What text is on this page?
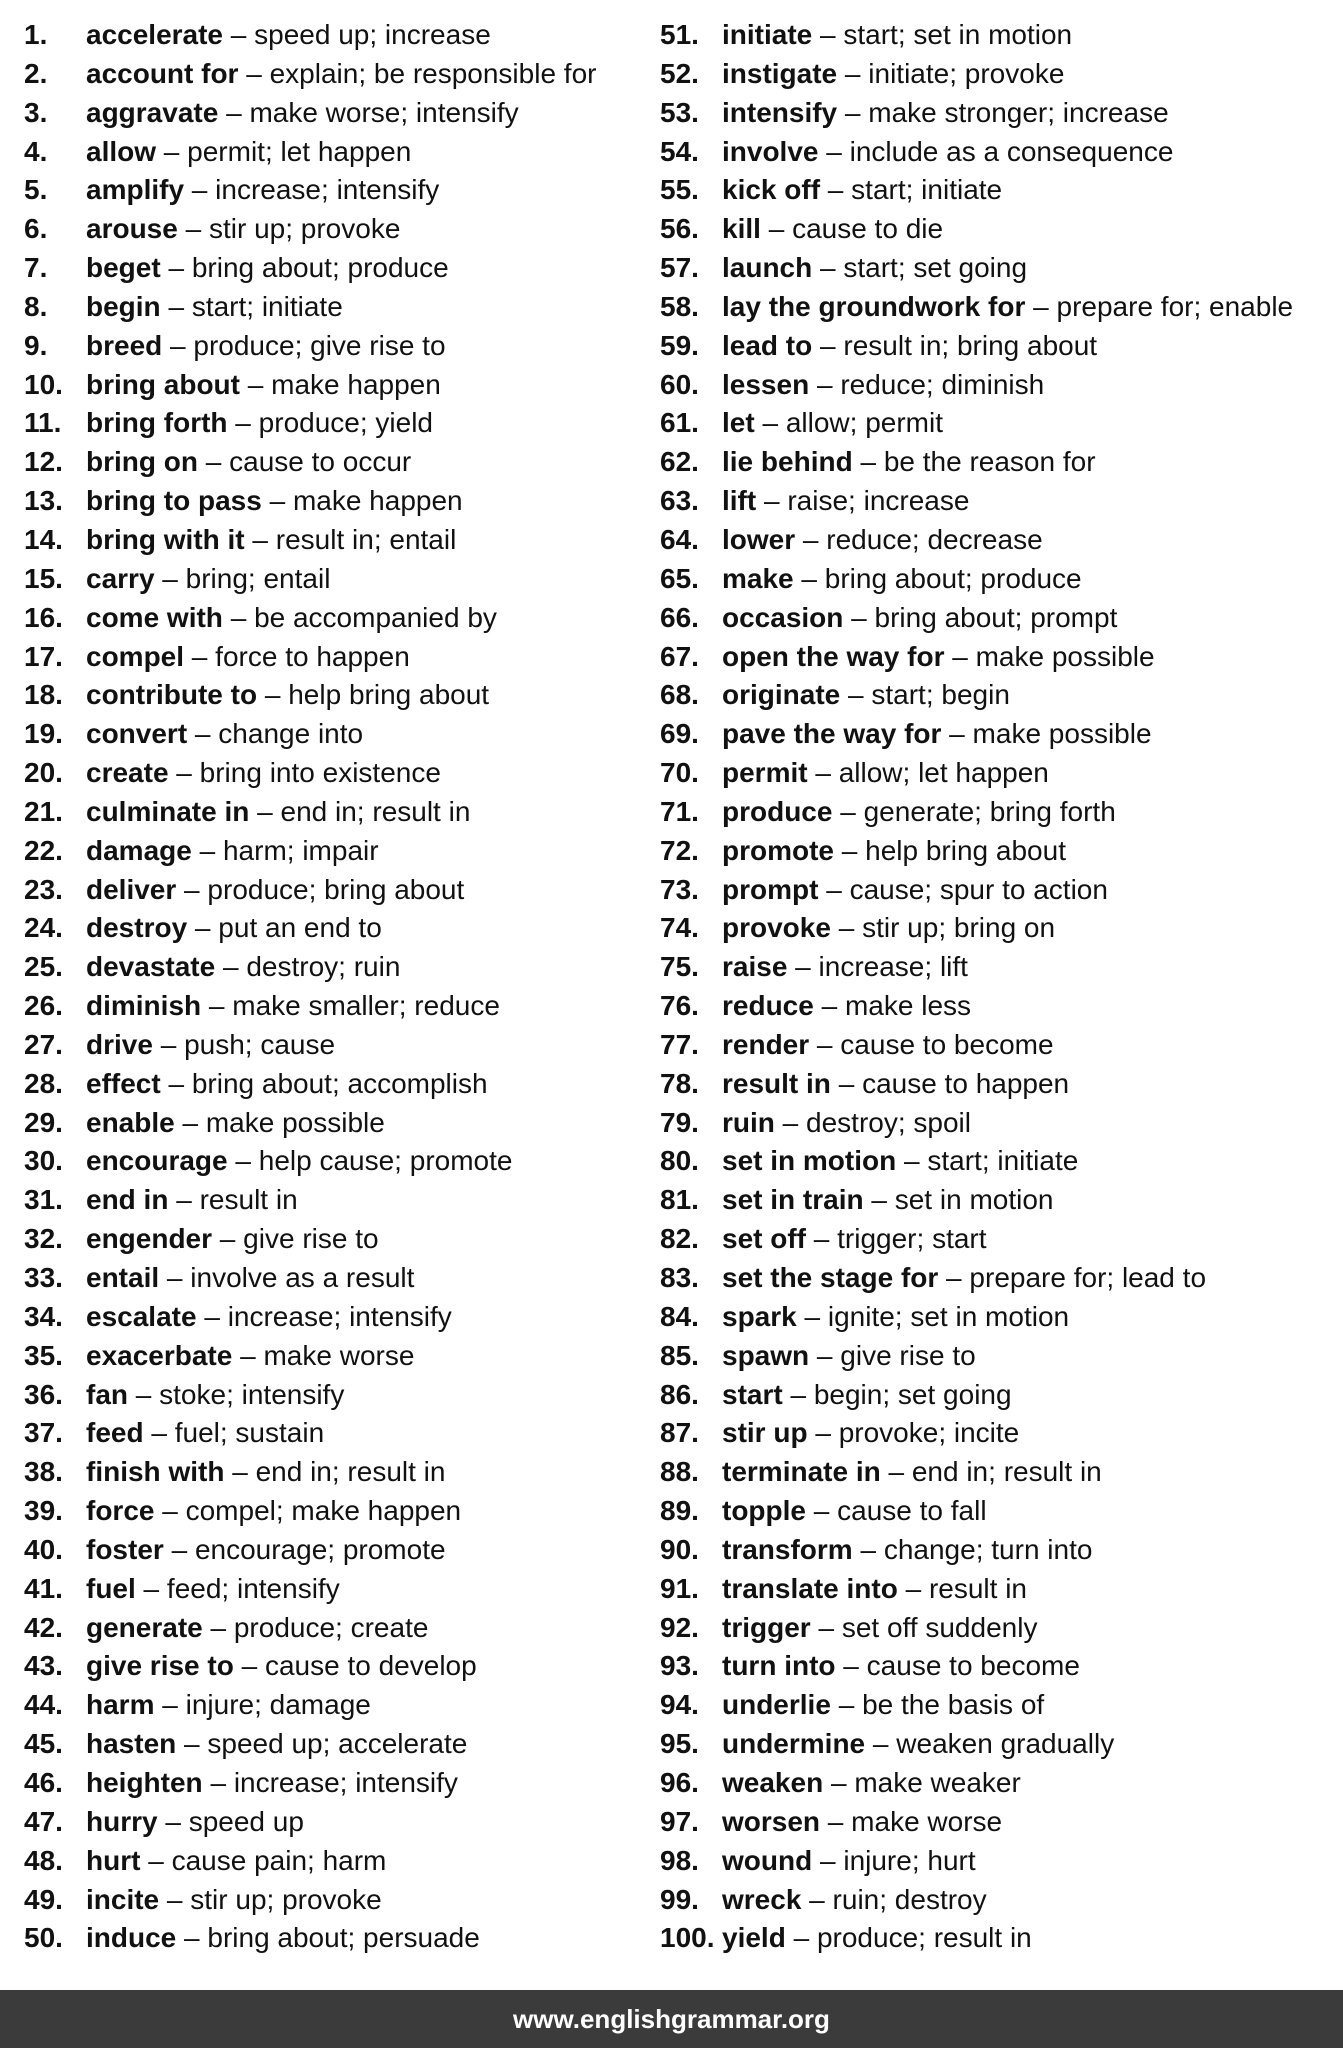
1. accelerate – speed up; increase
2. account for – explain; be responsible for
3. aggravate – make worse; intensify
4. allow – permit; let happen
5. amplify – increase; intensify
6. arouse – stir up; provoke
7. beget – bring about; produce
8. begin – start; initiate
9. breed – produce; give rise to
10. bring about – make happen
11. bring forth – produce; yield
12. bring on – cause to occur
13. bring to pass – make happen
14. bring with it – result in; entail
15. carry – bring; entail
16. come with – be accompanied by
17. compel – force to happen
18. contribute to – help bring about
19. convert – change into
20. create – bring into existence
21. culminate in – end in; result in
22. damage – harm; impair
23. deliver – produce; bring about
24. destroy – put an end to
25. devastate – destroy; ruin
26. diminish – make smaller; reduce
27. drive – push; cause
28. effect – bring about; accomplish
29. enable – make possible
30. encourage – help cause; promote
31. end in – result in
32. engender – give rise to
33. entail – involve as a result
34. escalate – increase; intensify
35. exacerbate – make worse
36. fan – stoke; intensify
37. feed – fuel; sustain
38. finish with – end in; result in
39. force – compel; make happen
40. foster – encourage; promote
41. fuel – feed; intensify
42. generate – produce; create
43. give rise to – cause to develop
44. harm – injure; damage
45. hasten – speed up; accelerate
46. heighten – increase; intensify
47. hurry – speed up
48. hurt – cause pain; harm
49. incite – stir up; provoke
50. induce – bring about; persuade
51. initiate – start; set in motion
52. instigate – initiate; provoke
53. intensify – make stronger; increase
54. involve – include as a consequence
55. kick off – start; initiate
56. kill – cause to die
57. launch – start; set going
58. lay the groundwork for – prepare for; enable
59. lead to – result in; bring about
60. lessen – reduce; diminish
61. let – allow; permit
62. lie behind – be the reason for
63. lift – raise; increase
64. lower – reduce; decrease
65. make – bring about; produce
66. occasion – bring about; prompt
67. open the way for – make possible
68. originate – start; begin
69. pave the way for – make possible
70. permit – allow; let happen
71. produce – generate; bring forth
72. promote – help bring about
73. prompt – cause; spur to action
74. provoke – stir up; bring on
75. raise – increase; lift
76. reduce – make less
77. render – cause to become
78. result in – cause to happen
79. ruin – destroy; spoil
80. set in motion – start; initiate
81. set in train – set in motion
82. set off – trigger; start
83. set the stage for – prepare for; lead to
84. spark – ignite; set in motion
85. spawn – give rise to
86. start – begin; set going
87. stir up – provoke; incite
88. terminate in – end in; result in
89. topple – cause to fall
90. transform – change; turn into
91. translate into – result in
92. trigger – set off suddenly
93. turn into – cause to become
94. underlie – be the basis of
95. undermine – weaken gradually
96. weaken – make weaker
97. worsen – make worse
98. wound – injure; hurt
99. wreck – ruin; destroy
100. yield – produce; result in
www.englishgrammar.org
